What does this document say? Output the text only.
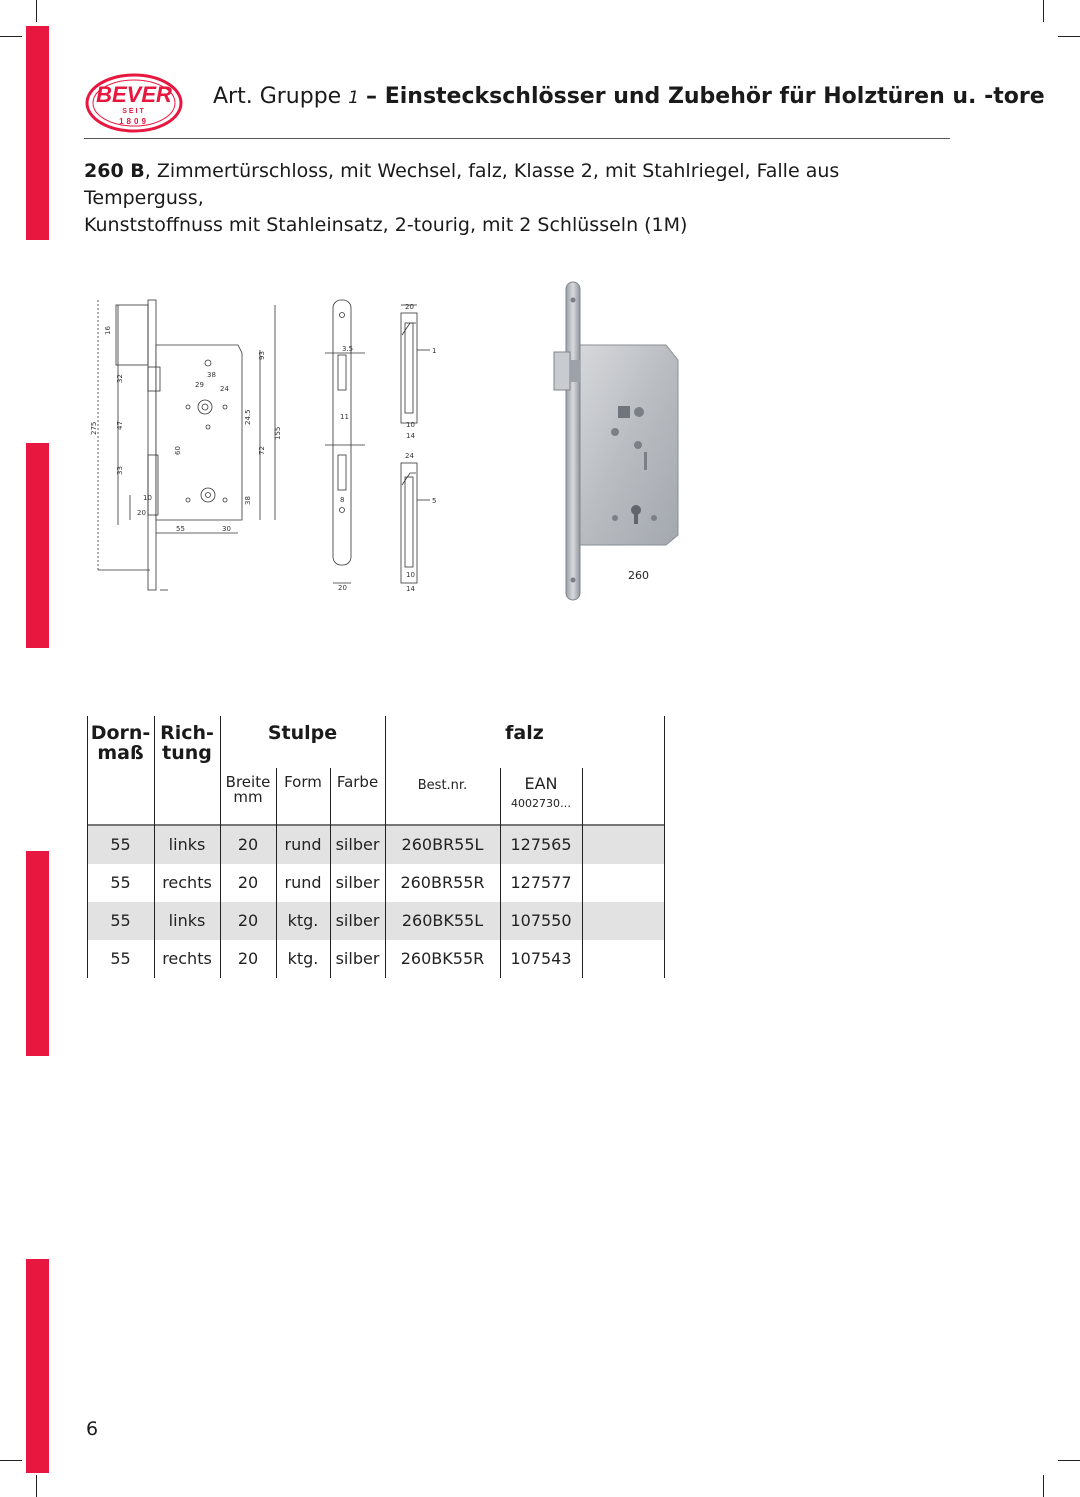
BEVER
SEIT
1809
Art. Gruppe 1 – Einsteckschlösser und Zubehör für Holztüren u. -tore
260 B, Zimmertürschloss, mit Wechsel, falz, Klasse 2, mit Stahlriegel, Falle aus Temperguss,
Kunststoffnuss mit Stahleinsatz, 2-tourig, mit 2 Schlüsseln (1M)
275
16
32
47
33
10
20
55	30
38
29
60
24
93
24.5
72
155
38
3.5
11
8
20
20
1
10
14
24
5
10
14
260
Dorn-
maß
Rich-
tung
Stulpe	falz
Breite
mm
Form Farbe	Best.nr.	EAN
4002730…
55	links	20	rund silber	260BR55L	127565
55	rechts	20	rund silber	260BR55R	127577
55	links	20	ktg.	silber	260BK55L	107550
55	rechts	20	ktg.	silber	260BK55R	107543
6
